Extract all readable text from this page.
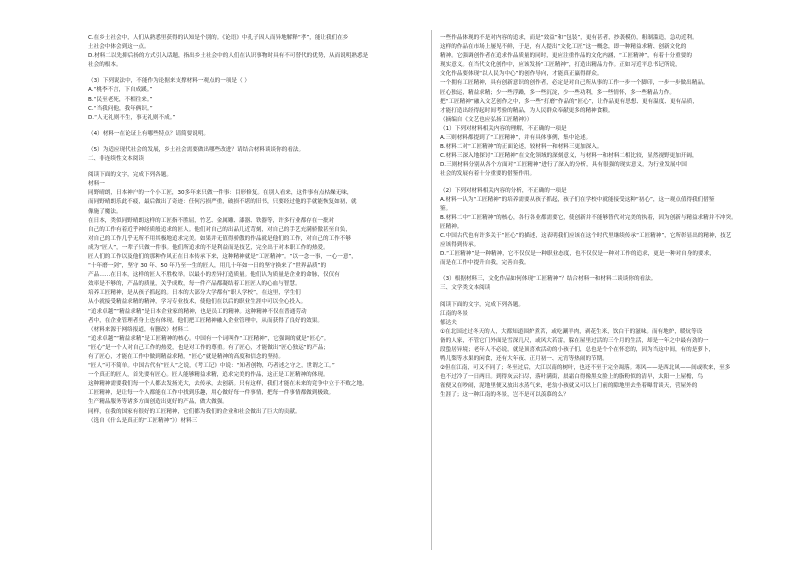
C.在乡土社会中，人们从熟悉里获得的认知是个别的。《论语》中孔子因人而异地解释“孝”，能让我们在乡
土社会中体会到这一点。
D.材料二以先抑后扬的方式引入话题，指出乡土社会中的人们在认识事物时具有不可替代的优势，从而说明熟悉是
社会的根本。
（3）下列说法中，不能作为论据来支撑材料一观点的一项是（ ）
A.“桃李不言，下自成蹊。”
B.“民至老死，不相往来。”
C.“当我问他，我年俩识。”
D.“人无礼则不生，事无礼则不成。”
（4）材料一在论证上有哪些特点？请简要说明。
（5）为适应现代社会的发展，乡土社会需要做出哪些改进？请结合材料谈谈你的看法。
二、非连续性文本阅读
阅读下面的文字，完成下列各题。
材料一
同野晴朗，日本神户的一个小工匠，30多年来只做一件事：目形修复。在别人看来，这件事有点枯燥无味，
而同野晴朗乐此不疲，最后做出了奇迹：任何污损严重，破损不堪的旧书，只要经过他的手就能恢复如初，就
像施了魔法。
在日本，类似同野晴朗这样的工匠指不胜屈，竹艺、金属雕、漆器、铁器等，许多行业都存在一批对
自己的工作有着近乎神经质般追求的匠人。他们对自己的出品几近苛刻，对自己的手艺充满骄傲甚至自负，
对自己的工作几乎无所不用其极地追求完美。如果并无值得骄傲的作品就是他们的工作，对自己的工作不够
成为“匠人”，一辈子只做一件事。他们所追求的不是利益而是技艺，完全出于对本职工作的热爱。
匠人们的工作以及他们的那种作风正在日本传承下来，这种精神就是“工匠精神”。“以一念一事，一心一意”，
“十年磨一剑”，坚守 30 年、50 年乃至一生的匠人，用几十年如一日的坚守换来了“世界品质”的
产品……在日本，这样的匠人不胜枚举。以最小的差异打造质量。他们认为质量是企业的命脉，仅仅有
效率是不够的，产品的质量，关乎成败，每一件产品都凝结着工匠匠人的心血与智慧。
培养工匠精神，是从孩子抓起的。日本的大部分大学都有“职人学校”，在这里，学生们
从小就接受精益求精的精神，学习专业技术，使他们在以后的职业生涯中可以全心投入。
“追求卓越”“精益求精”是日本企业家的精神，也是员工的精神。这种精神不仅在普通劳动
者中，在企业管理者身上也有体现。他们把工匠精神融入企业管理中，从而获得了良好的效果。
（材料来源于网络报道，有删改）材料二
“追求卓越”“精益求精”是工匠精神的核心。中国有一个词叫作“工匠精神”，它强调的就是“匠心”。
“匠心”是一个人对自己工作的热爱，也是对工作的尊重。有了匠心，才能做出“匠心独运”的产品；
有了匠心，才能在工作中做到精益求精，“匠心”就是精神的高度和信念的坚持。
“匠人”可不简单。中国古代有“匠人”之说，《考工记》中说：“知者创物，巧者述之守之，世谓之工。”
一个真正的匠人，首先要有匠心。匠人能够精益求精，追求完美的作品，这正是工匠精神的体现。
这种精神需要我们每一个人都去发扬光大，去传承，去创新。只有这样，我们才能在未来的竞争中立于不败之地。
工匠精神，是让每一个人都能在工作中找到乐趣，用心做好每一件事情，把每一件事情都做到极致。
生产精品服务等诸多方面创造出更好的产品，做大做强。
同样，在我的国家有很好的工匠精神，它们都为我们的企业和社会做出了巨大的贡献。
（选自《什么是真正的“工匠精神”》）材料三
一些作品体现的不是对内容的追求，而是“效益”和“包装”，更有甚者，抄袭模仿，粗制滥造，急功近利。
这样的作品在市场上屡见不鲜，于是，有人提出“文化工匠”这一概念，即一种精益求精、创新文化的
精神。它强调创作者在追求作品质量的同时，更应注重作品的文化内涵，“工匠精神”，有着十分重要的
现实意义。在当代文化创作中，应该发扬“工匠精神”，打造出精品力作。正如习近平总书记所说，
文化作品要体现“以人民为中心”的创作导向，才能真正赢得群众。
一个拥有工匠精神，具有创新意识的创作者，必定是对自己所从事的工作一步一个脚印，一步一步做出精品。
匠心独运，精益求精；少一些浮躁，多一些沉淀，少一些功利，多一些情怀，多一些精品力作。
把“工匠精神”融入文艺创作之中，多一些“打磨”作品的“匠心”，让作品更有思想、更有温度、更有品质，
才能打造出经得起时间考验的精品，为人民群众奉献更多的精神食粮。
（摘编自《文艺也应弘扬工匠精神》）
（1）下列对材料相关内容的理解，不正确的一项是
A.三则材料都提到了“工匠精神”，并有具体事例，集中论述。
B.材料二对“工匠精神”的正面论述，较材料一和材料三更加深入。
C.材料三深入地探讨“工匠精神”在文化领域的深刻意义，与材料一和材料二相比较，显然视野更加开阔，
D.三则材料分别从各个方面对“工匠精神”进行了深入的分析，具有很强的现实意义，为行业发展中国
社会的发展有着十分重要的借鉴作用。
（2）下列对材料相关内容的分析，不正确的一项是
A.材料一认为“工匠精神”的培养需要从孩子抓起，孩子们在学校中就能接受这种“初心”，这一观点值得我们借鉴
鉴。
B.材料二中“工匠精神”的核心，各行各业都需要它，使创新并不能够替代对完美的执着，因为创新与精益求精并不冲突。
匠精神。
C.中国古代也有许多关于“匠心”的描述，这表明我们应该在这个时代里继续传承“工匠精神”，它所彰显出的精神，技艺
应该得到传承。
D.“工匠精神”是一种精神，它不仅仅是一种职业态度，也不仅仅是一种对工作的追求，更是一种对自身的要求，
而是在工作中提升自我，完善自我。
（3）根据材料三，文化作品如何体现“工匠精神”？结合材料一和材料二谈谈你的看法。
三、文学类文本阅读
阅读下面的文字，完成下列各题。
江南的冬景
郁达夫
①在北国过过冬天的人，大都知道围炉煮茗，或吃涮羊肉，剥花生米，饮白干的滋味。而有地炉，暖炕等设
备的人家，不管它门外面是雪深几尺，或风大若雷，躲在屋里过活的三个月的生活，却是一年之中最有劲的一
段蛰居异境；老年人不必说，就是顶喜欢活动的小孩子们，总也是个个在怀恋的，因为当这中间，有的是萝卜，
鸭儿梨等水果的闲食，还有大年夜、正月初一、元宵等热闹的节期。
②但在江南，可又不同了；冬至过后，大江以南的树叶，也还不至于完全凋落。寒风——是西北风——间或吹来，至多
也不过冷了一日两日。到得灰云扫尽，落叶满街，晨霜白得像黑女脸上的脂粉似的清早，太阳一上屋檐，鸟
雀便又在吵闹，泥地里便又放出水蒸气来，老翁小孩就又可以上门前的隙地里去坐着曝背谈天，营屋外的
生涯了；这一种江南的冬景，岂不是可以羡慕的么？
